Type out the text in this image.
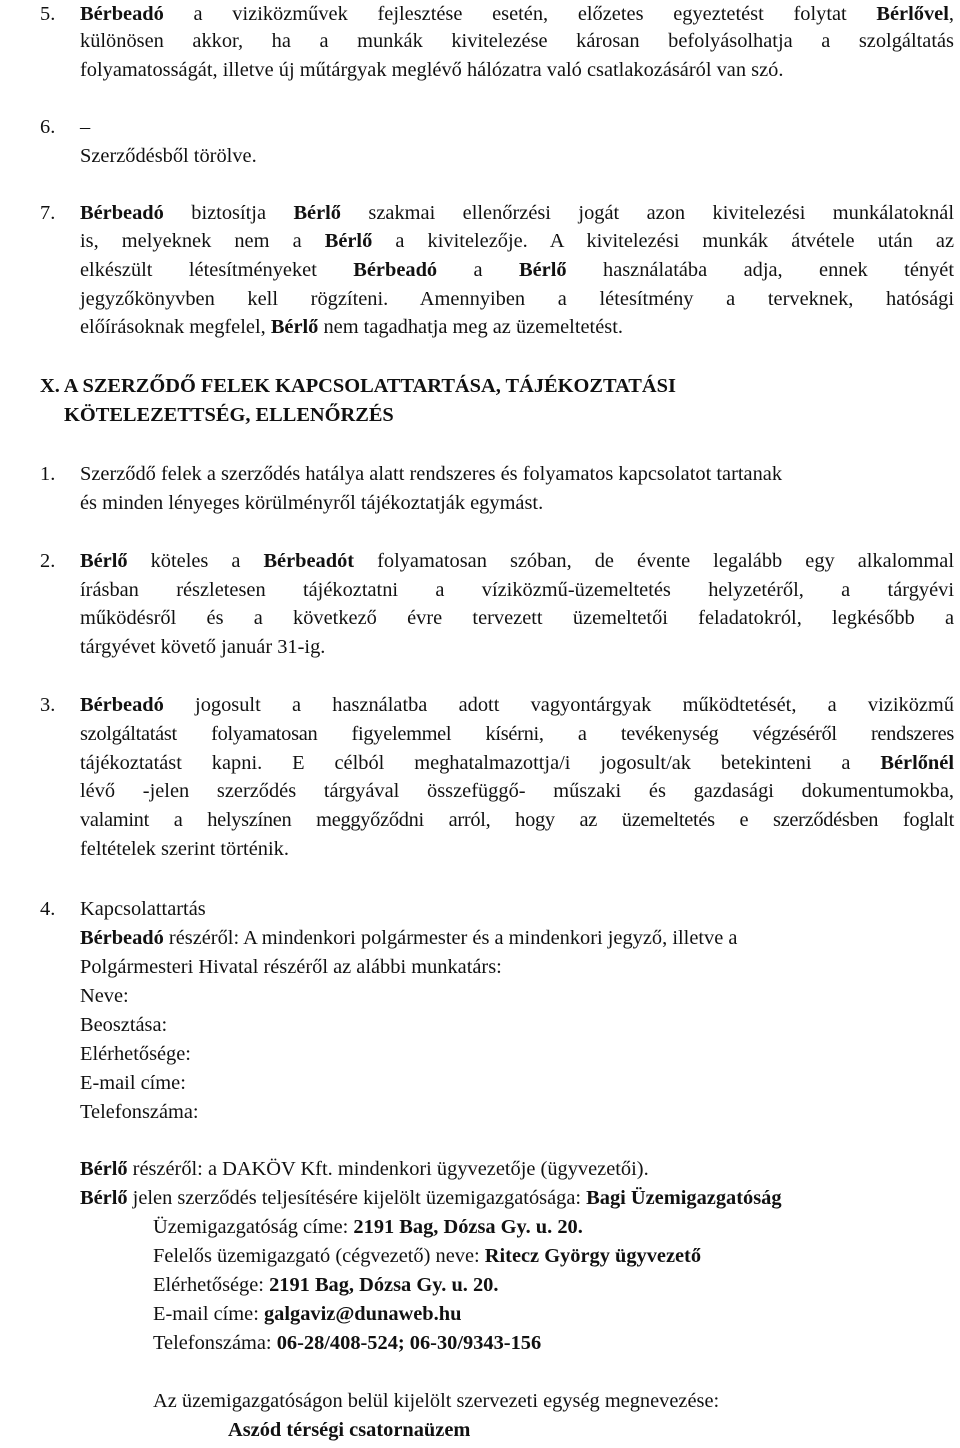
5. Bérbeadó a viziközművek fejlesztése esetén, előzetes egyeztetést folytat Bérlővel,
különösen akkor, ha a munkák kivitelezése károsan befolyásolhatja a szolgáltatás
folyamatosságát, illetve új műtárgyak meglévő hálózatra való csatlakozásáról van szó.
6. –
Szerződésből törölve.
7. Bérbeadó biztosítja Bérlő szakmai ellenőrzési jogát azon kivitelezési munkálatoknál
is, melyeknek nem a Bérlő a kivitelezője. A kivitelezési munkák átvétele után az
elkészült létesítményeket Bérbeadó a Bérlő használatába adja, ennek tényét
jegyzőkönyvben kell rögzíteni. Amennyiben a létesítmény a terveknek, hatósági
előírásoknak megfelel, Bérlő nem tagadhatja meg az üzemeltetést.
X. A SZERZŐDŐ FELEK KAPCSOLATTARTÁSA, TÁJÉKOZTATÁSI
KÖTELEZETTSÉG, ELLENŐRZÉS
1. Szerződő felek a szerződés hatálya alatt rendszeres és folyamatos kapcsolatot tartanak
és minden lényeges körülményről tájékoztatják egymást.
2. Bérlő köteles a Bérbeadót folyamatosan szóban, de évente legalább egy alkalommal
írásban részletesen tájékoztatni a víziközmű-üzemeltetés helyzetéről, a tárgyévi
működésről és a következő évre tervezett üzemeltetői feladatokról, legkésőbb a
tárgyévet követő január 31-ig.
3. Bérbeadó jogosult a használatba adott vagyontárgyak működtetését, a viziközmű
szolgáltatást folyamatosan figyelemmel kísérni, a tevékenység végzéséről rendszeres
tájékoztatást kapni. E célból meghatalmazottja/i jogosult/ak betekinteni a Bérlőnél
lévő -jelen szerződés tárgyával összefüggő- műszaki és gazdasági dokumentumokba,
valamint a helyszínen meggyőződni arról, hogy az üzemeltetés e szerződésben foglalt
feltételek szerint történik.
4. Kapcsolattartás
Bérbeadó részéről: A mindenkori polgármester és a mindenkori jegyző, illetve a
Polgármesteri Hivatal részéről az alábbi munkatárs:
Neve:
Beosztása:
Elérhetősége:
E-mail címe:
Telefonszáma:
Bérlő részéről: a DAKÖV Kft. mindenkori ügyvezetője (ügyvezetői).
Bérlő jelen szerződés teljesítésére kijelölt üzemigazgatósága: Bagi Üzemigazgatóság
Üzemigazgatóság címe: 2191 Bag, Dózsa Gy. u. 20.
Felelős üzemigazgató (cégvezető) neve: Ritecz György ügyvezető
Elérhetősége: 2191 Bag, Dózsa Gy. u. 20.
E-mail címe: galgaviz@dunaweb.hu
Telefonszáma: 06-28/408-524; 06-30/9343-156
Az üzemigazgatóságon belül kijelölt szervezeti egység megnevezése:
Aszód térségi csatornaüzem
